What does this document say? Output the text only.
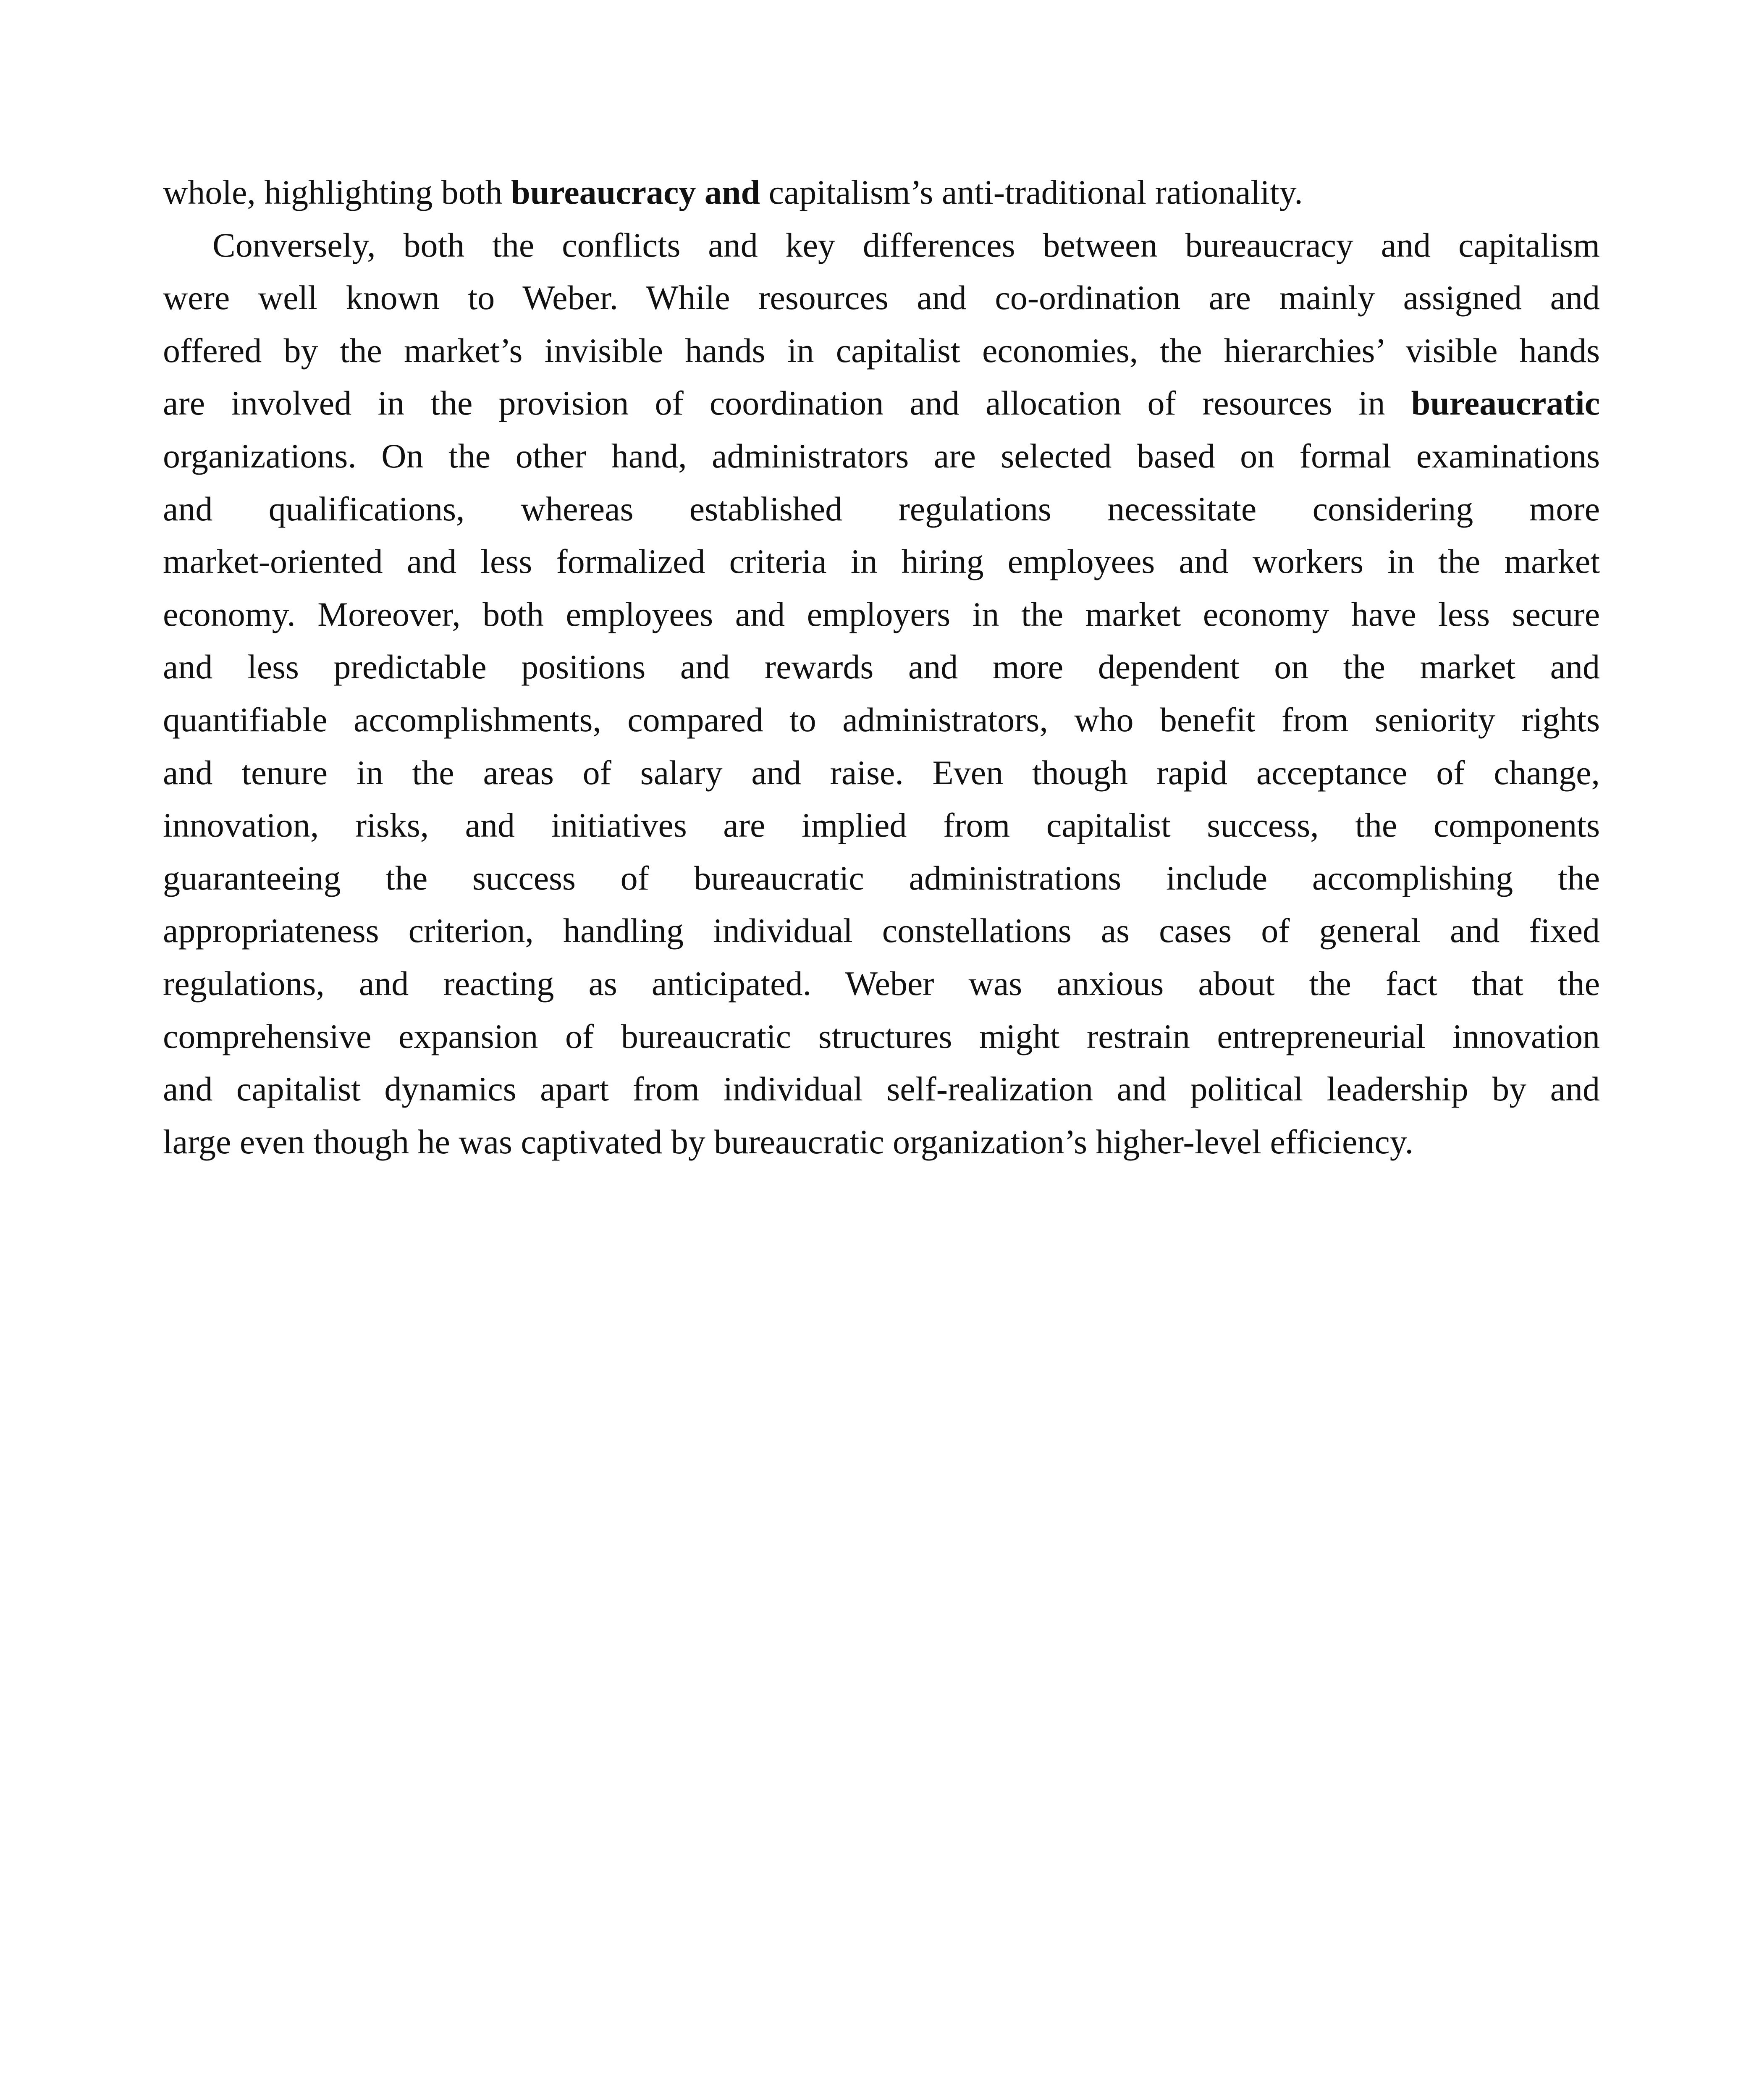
whole, highlighting both bureaucracy and capitalism’s anti-traditional rationality.
Conversely, both the conflicts and key differences between bureaucracy and capitalism
were well known to Weber. While resources and co-ordination are mainly assigned and
offered by the market’s invisible hands in capitalist economies, the hierarchies’ visible hands
are involved in the provision of coordination and allocation of resources in bureaucratic
organizations. On the other hand, administrators are selected based on formal examinations
and qualifications, whereas established regulations necessitate considering more
market-oriented and less formalized criteria in hiring employees and workers in the market
economy. Moreover, both employees and employers in the market economy have less secure
and less predictable positions and rewards and more dependent on the market and
quantifiable accomplishments, compared to administrators, who benefit from seniority rights
and tenure in the areas of salary and raise. Even though rapid acceptance of change,
innovation, risks, and initiatives are implied from capitalist success, the components
guaranteeing the success of bureaucratic administrations include accomplishing the
appropriateness criterion, handling individual constellations as cases of general and fixed
regulations, and reacting as anticipated. Weber was anxious about the fact that the
comprehensive expansion of bureaucratic structures might restrain entrepreneurial innovation
and capitalist dynamics apart from individual self-realization and political leadership by and
large even though he was captivated by bureaucratic organization’s higher-level efficiency.
